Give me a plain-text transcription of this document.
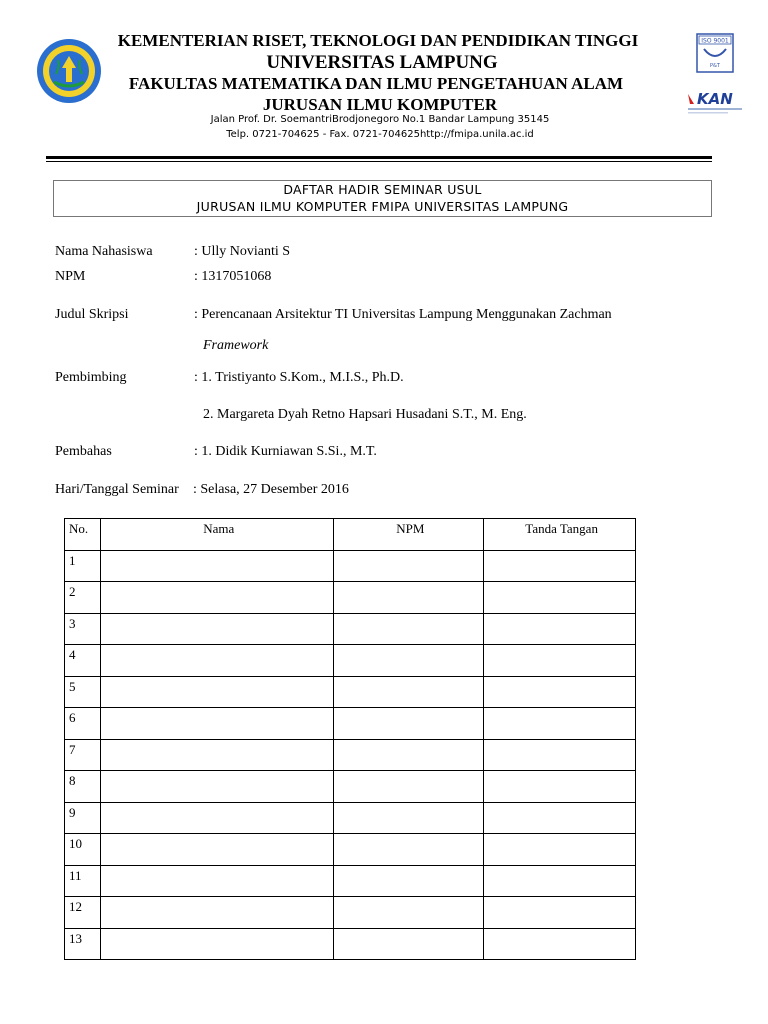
ISO 9001
P&T
KAN
KEMENTERIAN RISET, TEKNOLOGI DAN PENDIDIKAN TINGGI
UNIVERSITAS LAMPUNG
FAKULTAS MATEMATIKA DAN ILMU PENGETAHUAN ALAM
JURUSAN ILMU KOMPUTER
Jalan Prof. Dr. SoemantriBrodjonegoro No.1 Bandar Lampung 35145
Telp. 0721-704625 - Fax. 0721-704625http://fmipa.unila.ac.id
DAFTAR HADIR SEMINAR USUL
JURUSAN ILMU KOMPUTER FMIPA UNIVERSITAS LAMPUNG
Nama Nahasiswa	: Ully Novianti S
NPM	: 1317051068
Judul Skripsi	: Perencanaan Arsitektur TI Universitas Lampung Menggunakan Zachman
Framework
Pembimbing	: 1. Tristiyanto S.Kom., M.I.S., Ph.D.
2. Margareta Dyah Retno Hapsari Husadani S.T., M. Eng.
Pembahas	: 1. Didik Kurniawan S.Si., M.T.
Hari/Tanggal Seminar : Selasa, 27 Desember 2016
No.	Nama	NPM	Tanda Tangan
1			
2			
3			
4			
5			
6			
7			
8			
9			
10			
11			
12			
13			
